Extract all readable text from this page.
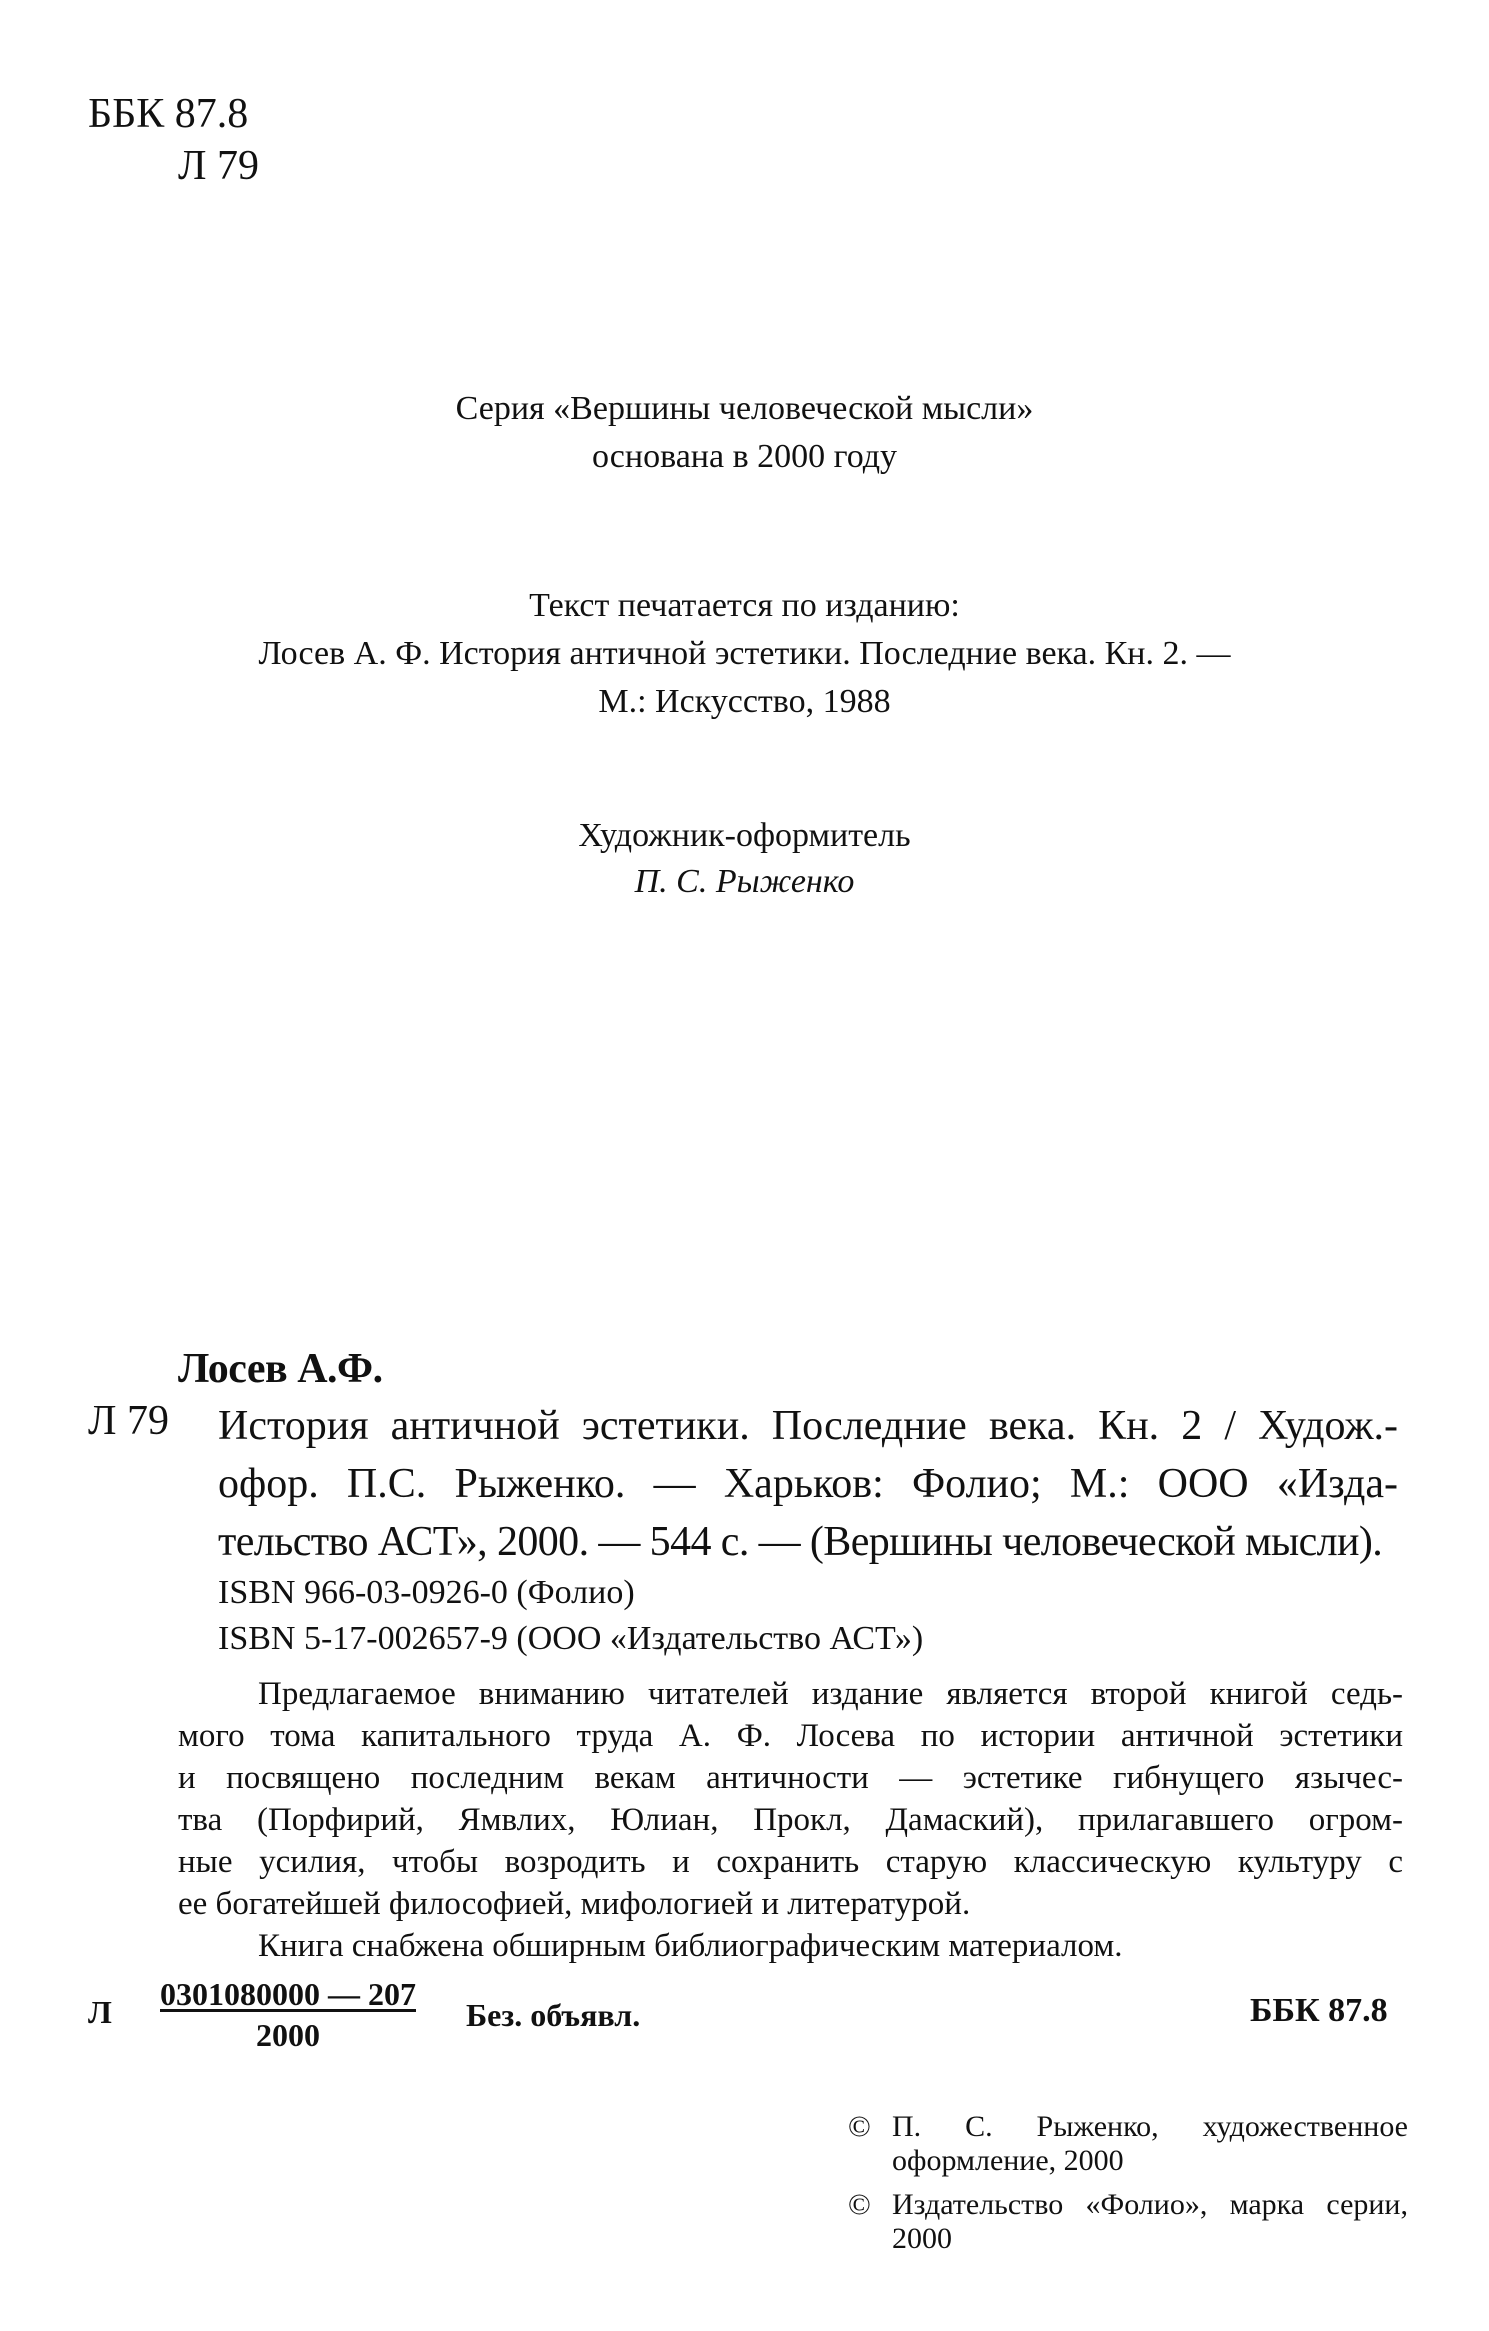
ББК 87.8
Л 79
Серия «Вершины человеческой мысли»
основана в 2000 году
Текст печатается по изданию:
Лосев А. Ф. История античной эстетики. Последние века. Кн. 2. —
М.: Искусство, 1988
Художник-оформитель
П. С. Рыженко
Лосев А.Ф.
Л 79 История античной эстетики. Последние века. Кн. 2 / Худож.-
офор. П.С. Рыженко. — Харьков: Фолио; М.: ООО «Изда-
тельство АСТ», 2000. — 544 с. — (Вершины человеческой мысли).
ISBN 966-03-0926-0 (Фолио)
ISBN 5-17-002657-9 (ООО «Издательство АСТ»)
Предлагаемое вниманию читателей издание является второй книгой седь-
мого тома капитального труда А. Ф. Лосева по истории античной эстетики
и посвящено последним векам античности — эстетике гибнущего язычес-
тва (Порфирий, Ямвлих, Юлиан, Прокл, Дамаский), прилагавшего огром-
ные усилия, чтобы возродить и сохранить старую классическую культуру с
ее богатейшей философией, мифологией и литературой.
Книга снабжена обширным библиографическим материалом.
Л $\frac{0301080000 — 207}{2000}$ Без. объявл.	ББК 87.8
© П. С. Рыженко, художественное оформление, 2000
© Издательство «Фолио», марка серии, 2000
